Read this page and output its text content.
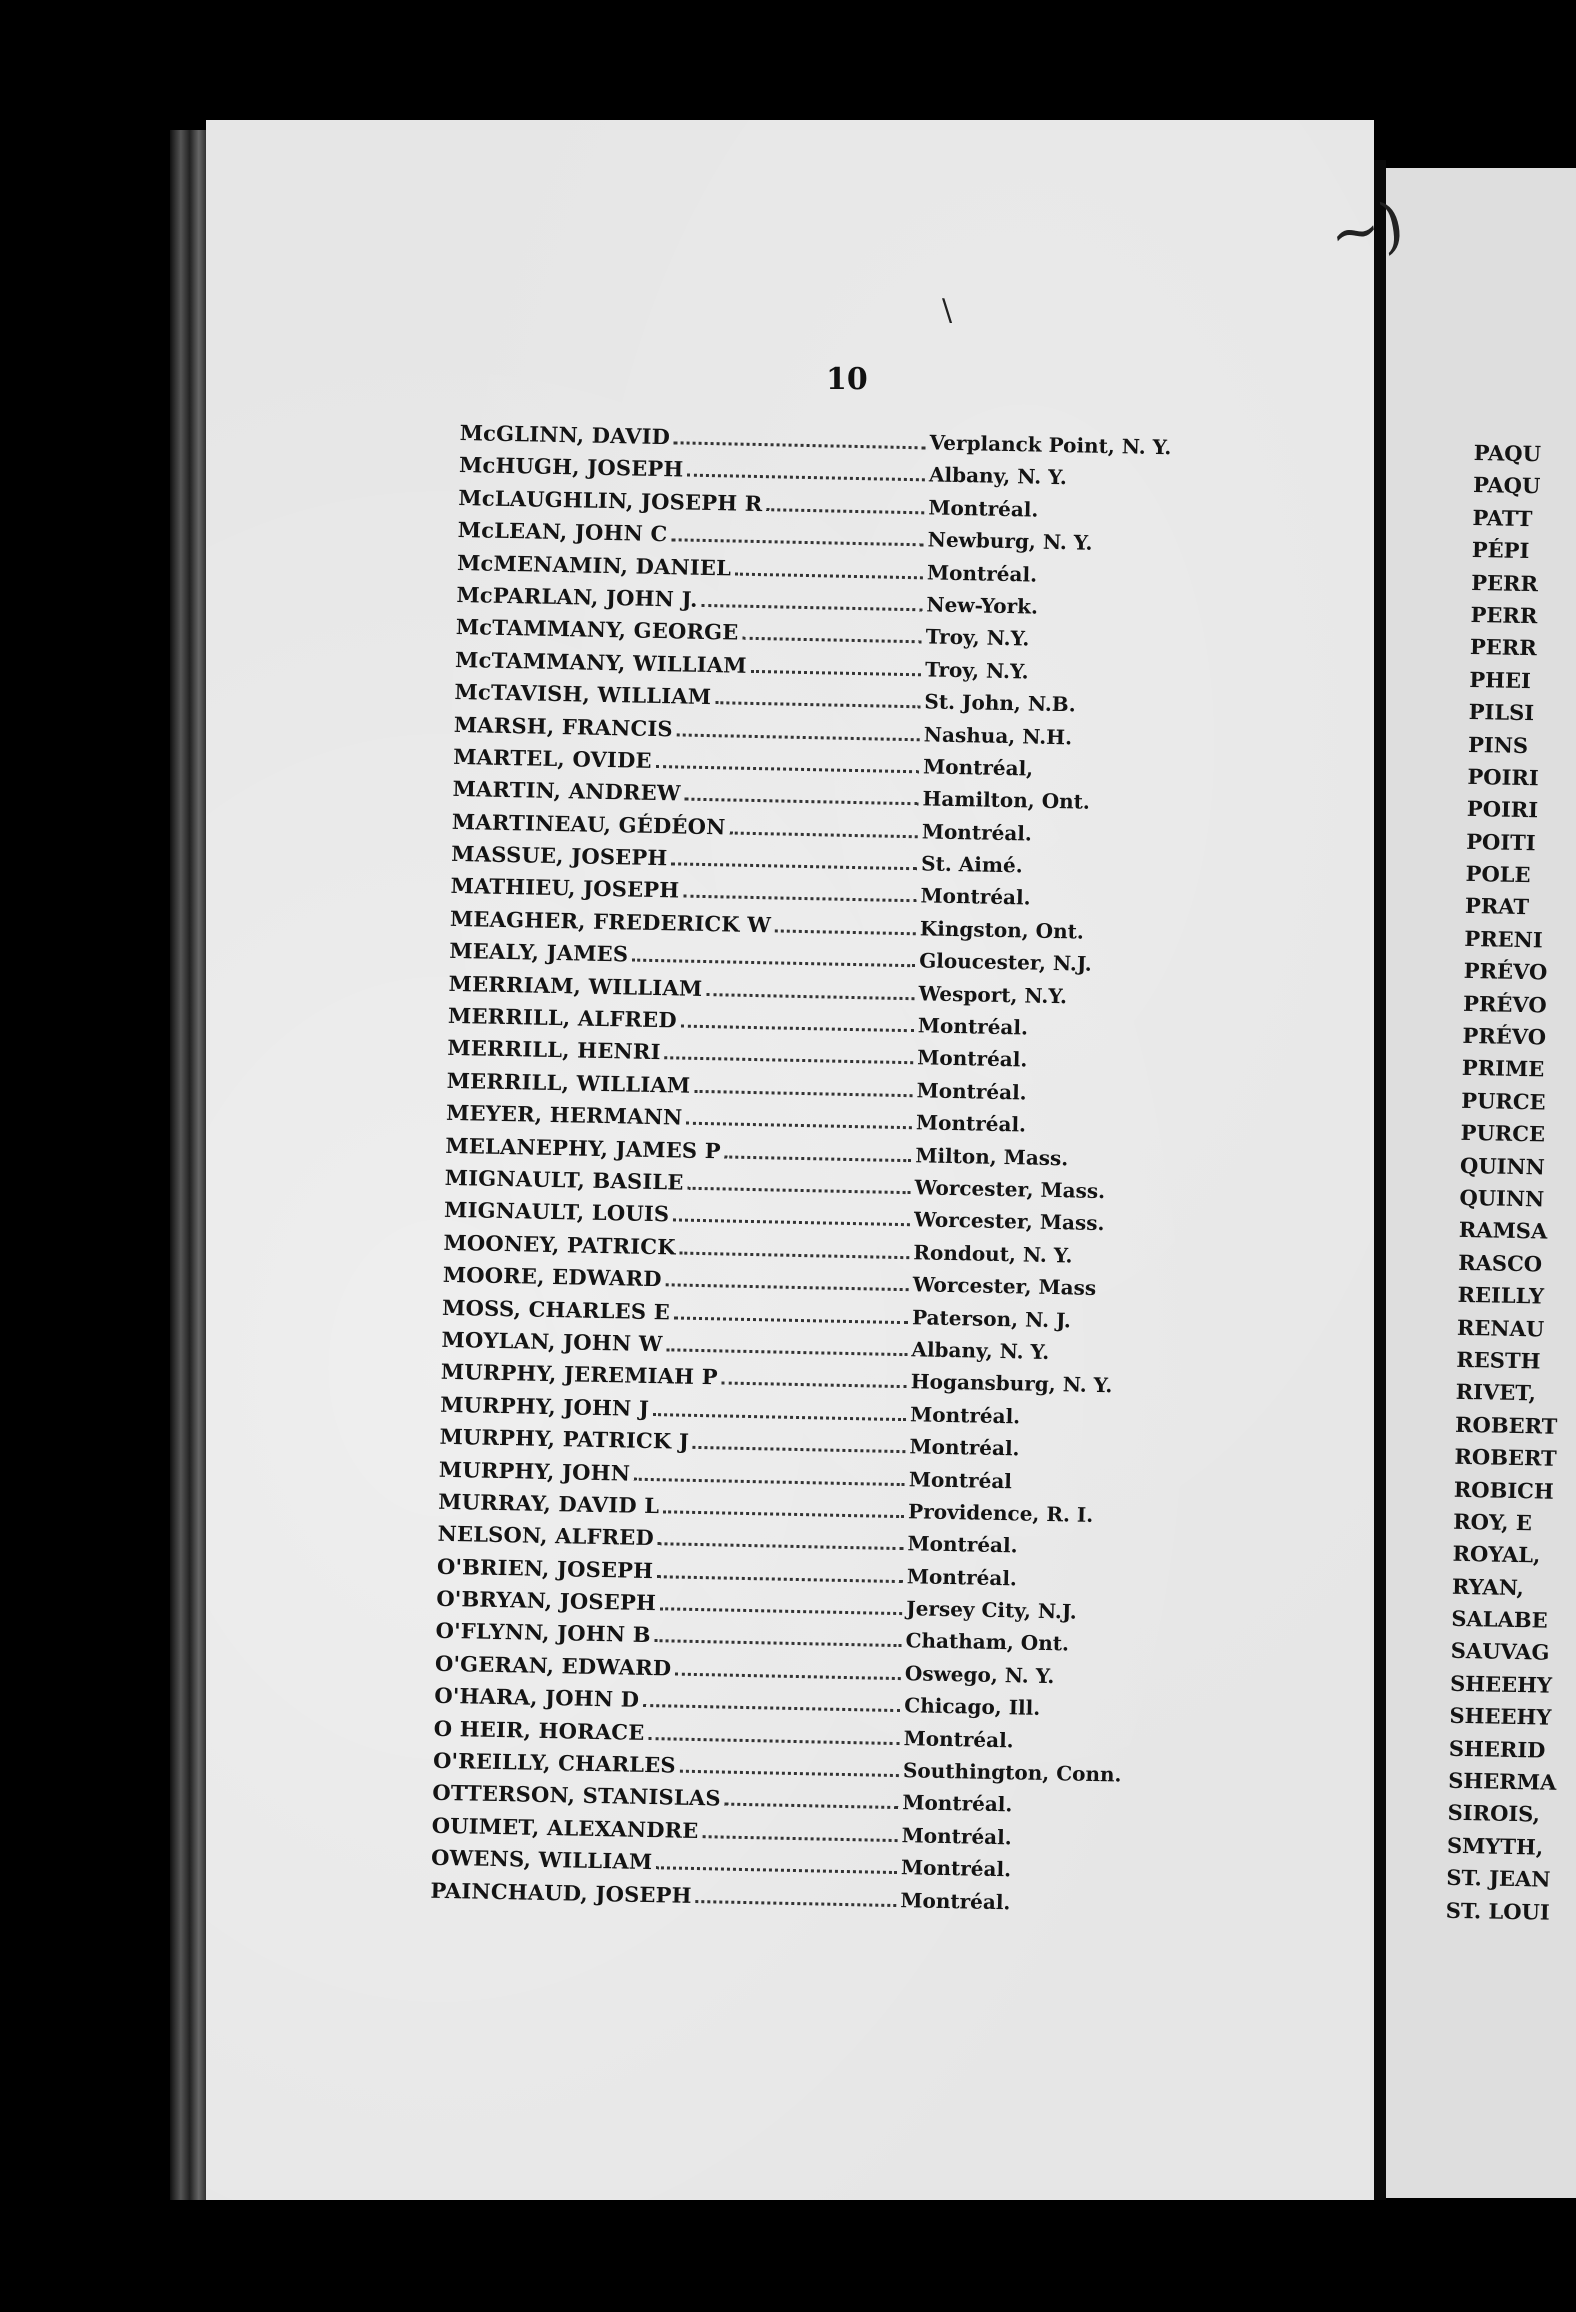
~)
\
10
McGLINN, DAVID	Verplanck Point, N. Y.
McHUGH, JOSEPH	Albany, N. Y.
McLAUGHLIN, JOSEPH R	Montréal.
McLEAN, JOHN C	Newburg, N. Y.
McMENAMIN, DANIEL	Montréal.
McPARLAN, JOHN J.	New-York.
McTAMMANY, GEORGE	Troy, N.Y.
McTAMMANY, WILLIAM	Troy, N.Y.
McTAVISH, WILLIAM	St. John, N.B.
MARSH, FRANCIS	Nashua, N.H.
MARTEL, OVIDE	Montréal,
MARTIN, ANDREW	Hamilton, Ont.
MARTINEAU, GÉDÉON	Montréal.
MASSUE, JOSEPH	St. Aimé.
MATHIEU, JOSEPH	Montréal.
MEAGHER, FREDERICK W	Kingston, Ont.
MEALY, JAMES	Gloucester, N.J.
MERRIAM, WILLIAM	Wesport, N.Y.
MERRILL, ALFRED	Montréal.
MERRILL, HENRI	Montréal.
MERRILL, WILLIAM	Montréal.
MEYER, HERMANN	Montréal.
MELANEPHY, JAMES P	Milton, Mass.
MIGNAULT, BASILE	Worcester, Mass.
MIGNAULT, LOUIS	Worcester, Mass.
MOONEY, PATRICK	Rondout, N. Y.
MOORE, EDWARD	Worcester, Mass
MOSS, CHARLES E	Paterson, N. J.
MOYLAN, JOHN W	Albany, N. Y.
MURPHY, JEREMIAH P	Hogansburg, N. Y.
MURPHY, JOHN J	Montréal.
MURPHY, PATRICK J	Montréal.
MURPHY, JOHN	Montréal
MURRAY, DAVID L	Providence, R. I.
NELSON, ALFRED	Montréal.
O'BRIEN, JOSEPH	Montréal.
O'BRYAN, JOSEPH	Jersey City, N.J.
O'FLYNN, JOHN B	Chatham, Ont.
O'GERAN, EDWARD	Oswego, N. Y.
O'HARA, JOHN D	Chicago, Ill.
O HEIR, HORACE	Montréal.
O'REILLY, CHARLES	Southington, Conn.
OTTERSON, STANISLAS	Montréal.
OUIMET, ALEXANDRE	Montréal.
OWENS, WILLIAM	Montréal.
PAINCHAUD, JOSEPH	Montréal.
PAQU
PAQU
PATT
PÉPI
PERR
PERR
PERR
PHEI
PILSI
PINS
POIRI
POIRI
POITI
POLE
PRAT
PRENI
PRÉVO
PRÉVO
PRÉVO
PRIME
PURCE
PURCE
QUINN
QUINN
RAMSA
RASCO
REILLY
RENAU
RESTH
RIVET,
ROBERT
ROBERT
ROBICH
ROY, E
ROYAL,
RYAN,
SALABE
SAUVAG
SHEEHY
SHEEHY
SHERID
SHERMA
SIROIS,
SMYTH,
ST. JEAN
ST. LOUI
